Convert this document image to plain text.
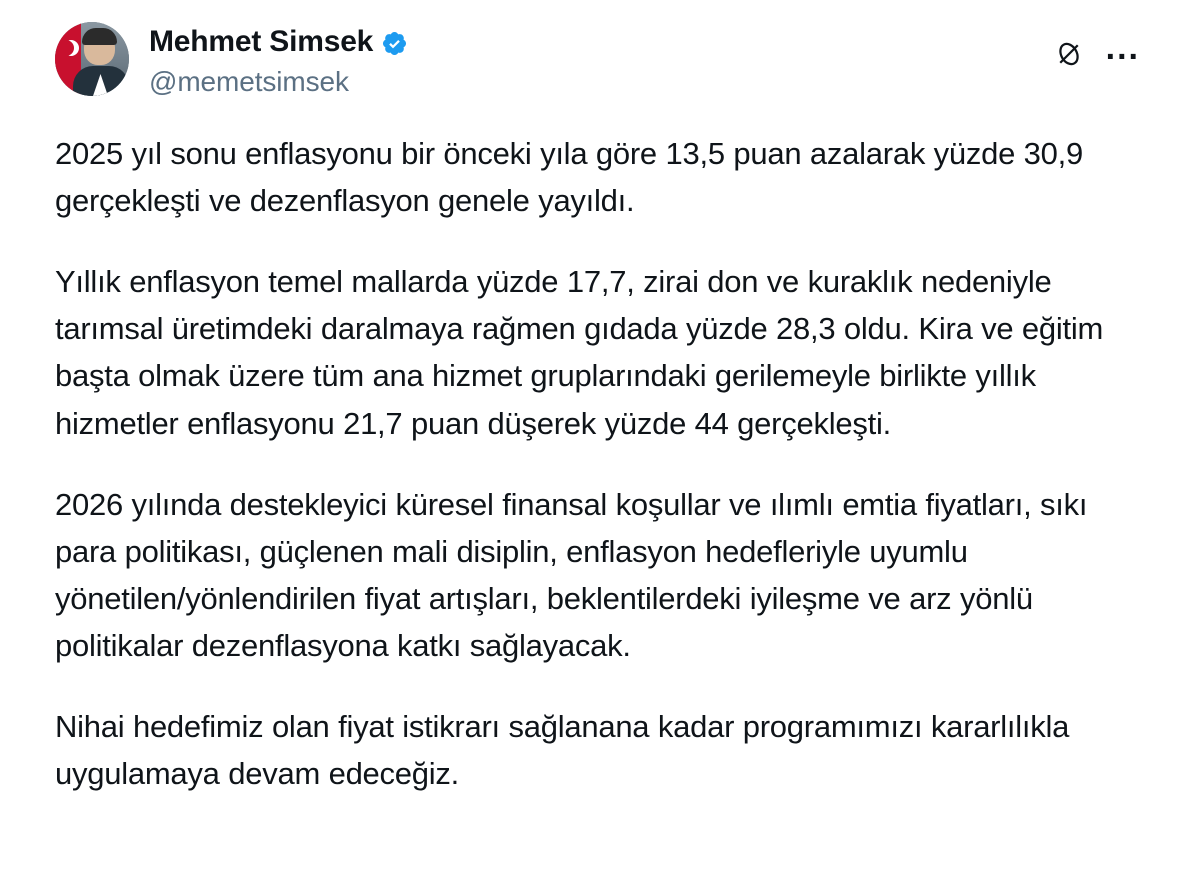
Mehmet Simsek
@memetsimsek
...

2025 yıl sonu enflasyonu bir önceki yıla göre 13,5 puan azalarak yüzde 30,9 gerçekleşti ve dezenflasyon genele yayıldı.

Yıllık enflasyon temel mallarda yüzde 17,7, zirai don ve kuraklık nedeniyle tarımsal üretimdeki daralmaya rağmen gıdada yüzde 28,3 oldu. Kira ve eğitim başta olmak üzere tüm ana hizmet gruplarındaki gerilemeyle birlikte yıllık hizmetler enflasyonu 21,7 puan düşerek yüzde 44 gerçekleşti.

2026 yılında destekleyici küresel finansal koşullar ve ılımlı emtia fiyatları, sıkı para politikası, güçlenen mali disiplin, enflasyon hedefleriyle uyumlu yönetilen/yönlendirilen fiyat artışları, beklentilerdeki iyileşme ve arz yönlü politikalar dezenflasyona katkı sağlayacak.

Nihai hedefimiz olan fiyat istikrarı sağlanana kadar programımızı kararlılıkla uygulamaya devam edeceğiz.
